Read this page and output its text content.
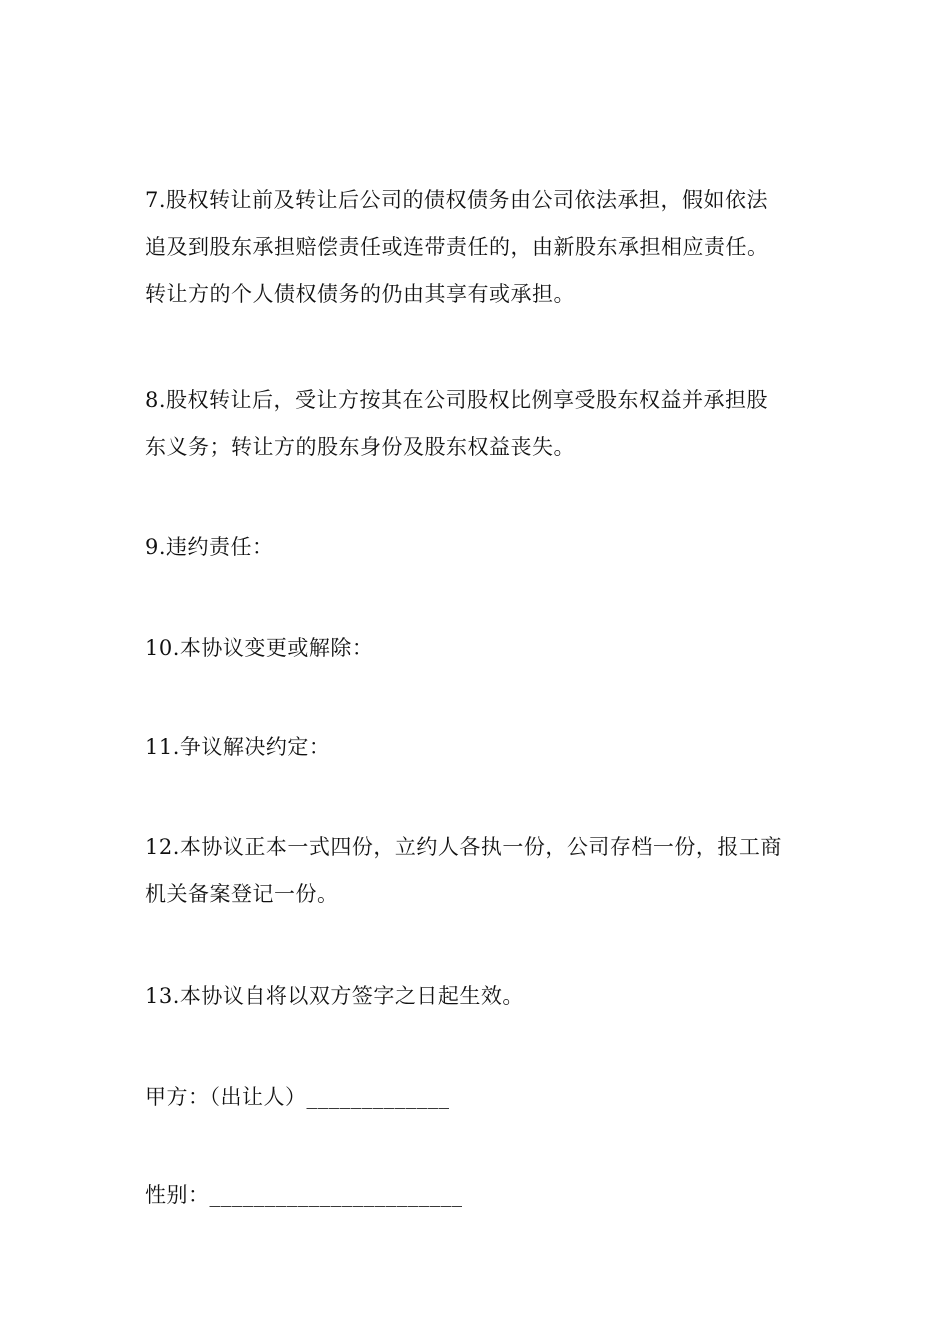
7.股权转让前及转让后公司的债权债务由公司依法承担，假如依法
追及到股东承担赔偿责任或连带责任的，由新股东承担相应责任。
转让方的个人债权债务的仍由其享有或承担。
8.股权转让后，受让方按其在公司股权比例享受股东权益并承担股
东义务；转让方的股东身份及股东权益丧失。
9.违约责任：
10.本协议变更或解除：
11.争议解决约定：
12.本协议正本一式四份，立约人各执一份，公司存档一份，报工商
机关备案登记一份。
13.本协议自将以双方签字之日起生效。
甲方：（出让人）_____________
性别：_______________________
